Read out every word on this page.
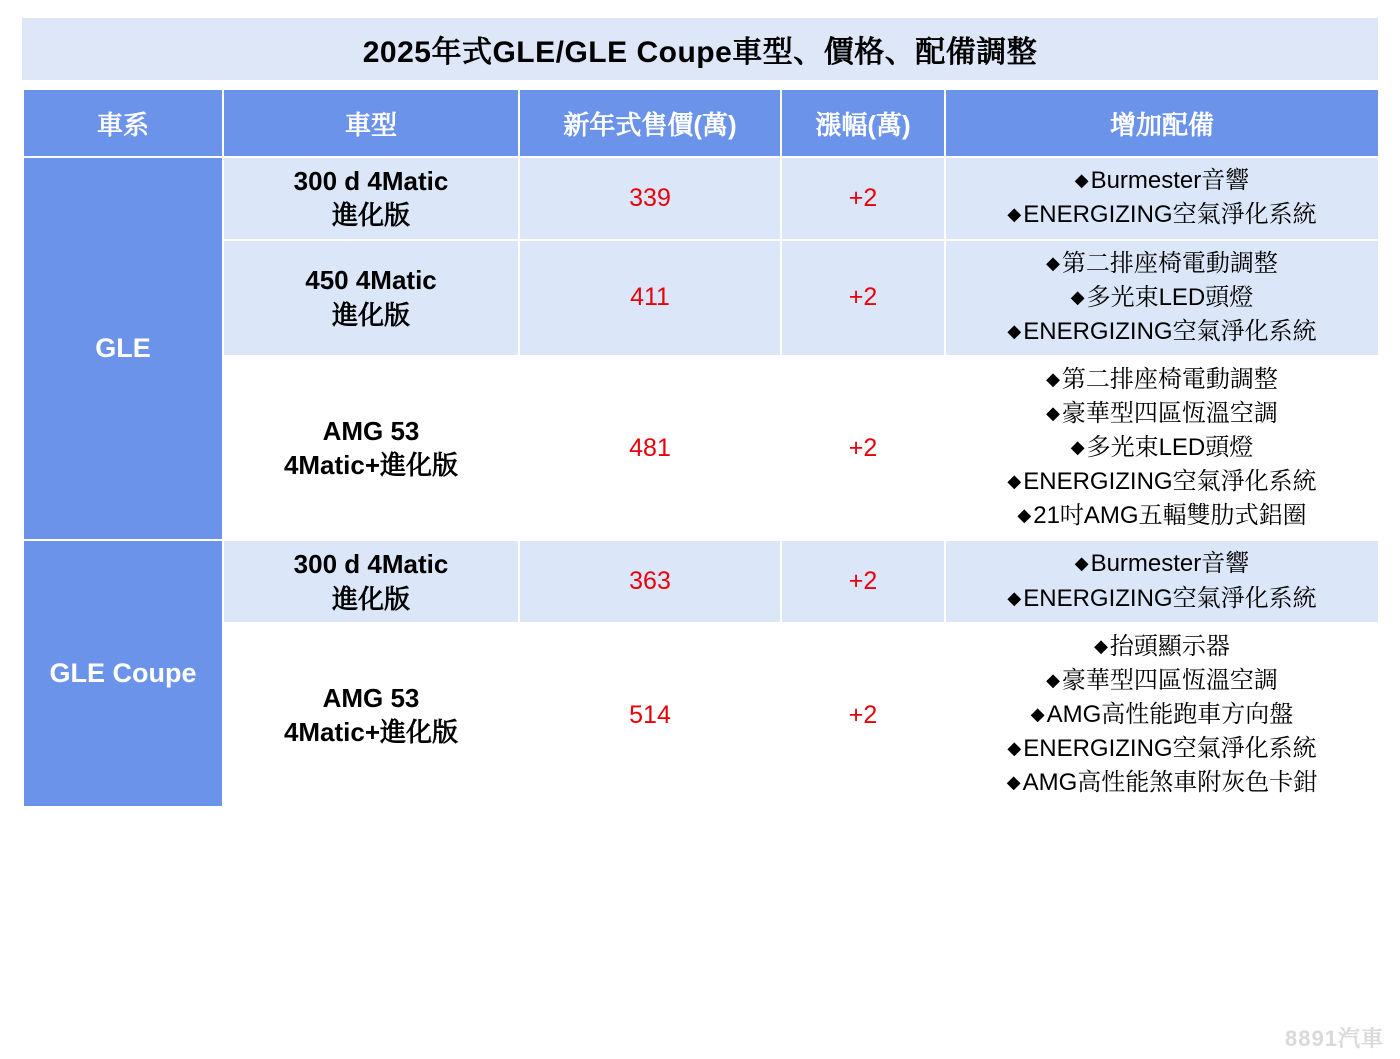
2025年式GLE/GLE Coupe車型、價格、配備調整
車系	車型	新年式售價(萬)	漲幅(萬)	增加配備
GLE	300 d 4Matic
進化版	339	+2	◆Burmester音響
◆ENERGIZING空氣淨化系統

	450 4Matic
進化版	411	+2	◆第二排座椅電動調整
◆多光束LED頭燈
◆ENERGIZING空氣淨化系統

	AMG 53
4Matic+進化版	481	+2	◆第二排座椅電動調整
◆豪華型四區恆溫空調
◆多光束LED頭燈
◆ENERGIZING空氣淨化系統
◆21吋AMG五輻雙肋式鋁圈

GLE Coupe	300 d 4Matic
進化版	363	+2	◆Burmester音響
◆ENERGIZING空氣淨化系統

	AMG 53
4Matic+進化版	514	+2	◆抬頭顯示器
◆豪華型四區恆溫空調
◆AMG高性能跑車方向盤
◆ENERGIZING空氣淨化系統
◆AMG高性能煞車附灰色卡鉗
8891汽車
